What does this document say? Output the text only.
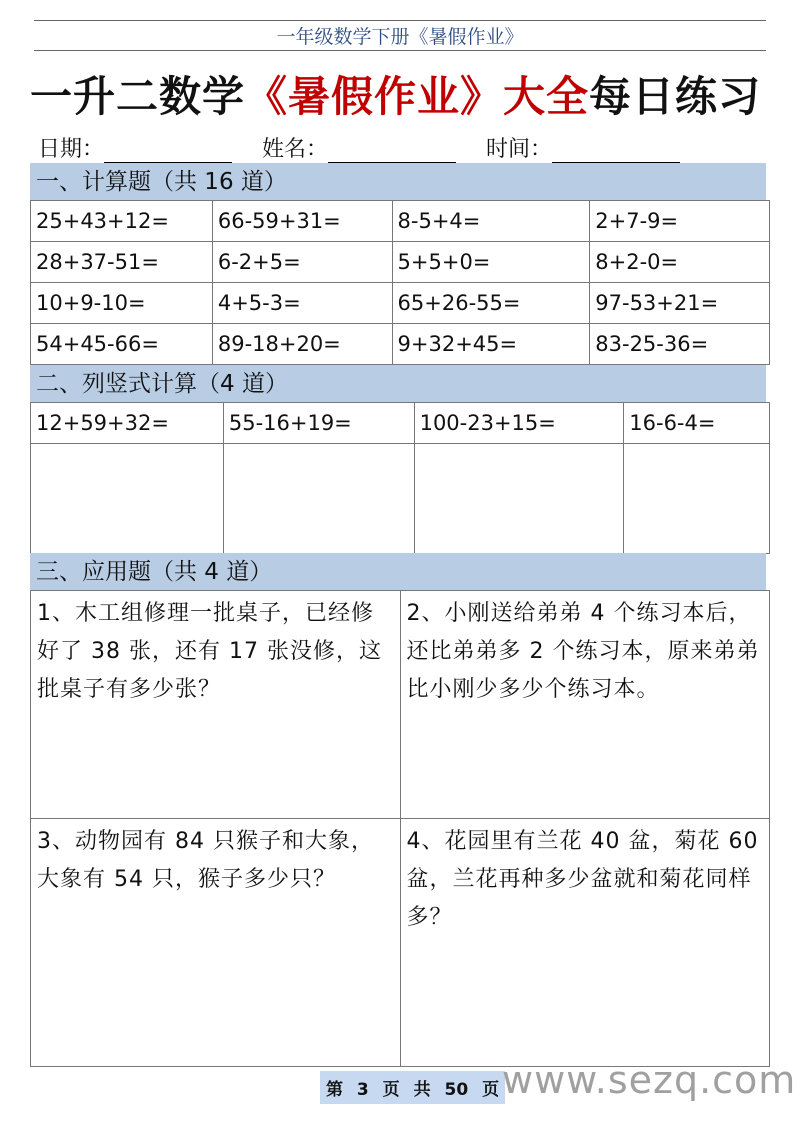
一年级数学下册《暑假作业》
一升二数学《暑假作业》大全每日练习
日期：	姓名：	时间：
一、计算题（共 16 道）
25+43+12=	66-59+31=	8-5+4=	2+7-9=
28+37-51=	6-2+5=	5+5+0=	8+2-0=
10+9-10=	4+5-3=	65+26-55=	97-53+21=
54+45-66=	89-18+20=	9+32+45=	83-25-36=
二、列竖式计算（4 道）
12+59+32=	55-16+19=	100-23+15=	16-6-4=

三、应用题（共 4 道）
1、木工组修理一批桌子，已经修好了 38 张，还有 17 张没修，这批桌子有多少张？	2、小刚送给弟弟 4 个练习本后，还比弟弟多 2 个练习本，原来弟弟比小刚少多少个练习本。
3、动物园有 84 只猴子和大象，大象有 54 只，猴子多少只？	4、花园里有兰花 40 盆，菊花 60 盆，兰花再种多少盆就和菊花同样多？
第 3 页 共 50 页 www.sezq.com
